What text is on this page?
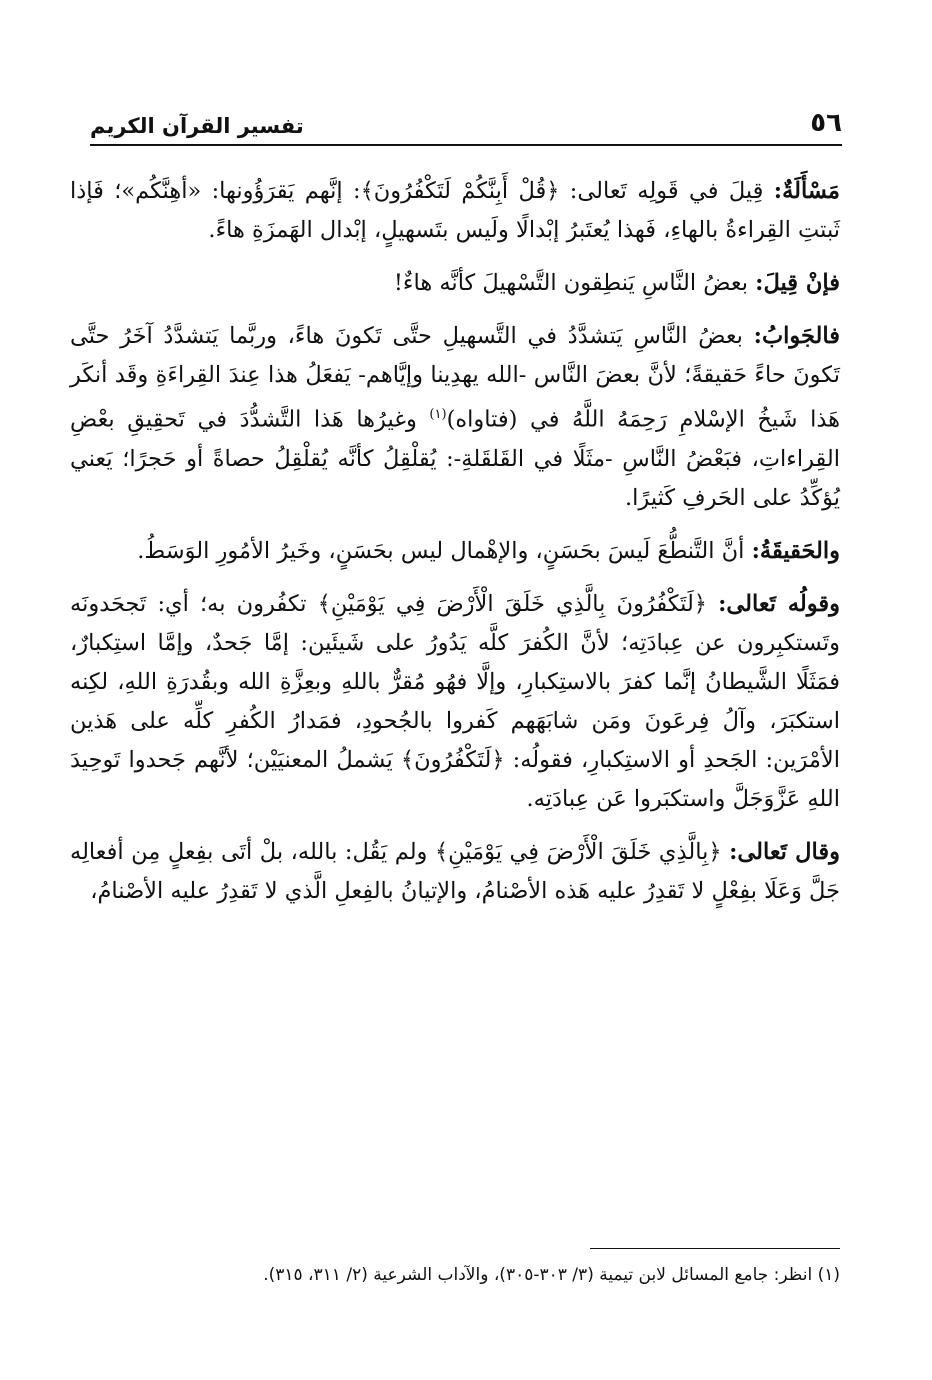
٥٦
تفسير القرآن الكريم

مَسْأَلَةٌ: قِيلَ في قَولِه تَعالى: ﴿قُلْ أَبِنَّكُمْ لَتَكْفُرُونَ﴾: إنَّهم يَقرَؤُونها: «أهِنَّكُم»؛ فَإذا ثَبتتِ القِراءةُ بالهاءِ، فَهذا يُعتَبرُ إبْدالًا ولَيس بتَسهيلٍ، إبْدال الهَمزَةِ هاءً.

فإنْ قِيلَ: بعضُ النَّاسِ يَنطِقون التَّسْهيلَ كأنَّه هاءٌ!

فالجَوابُ: بعضُ النَّاسِ يَتشدَّدُ في التَّسهيلِ حتَّى تَكونَ هاءً، وربَّما يَتشدَّدُ آخَرُ حتَّى تَكونَ حاءً حَقيقةً؛ لأنَّ بعضَ النَّاس -الله يهدِينا وإيَّاهم- يَفعَلُ هذا عِندَ القِراءَةِ وقَد أنكَر هَذا شَيخُ الإسْلامِ رَحِمَهُ اللَّهُ في (فتاواه)$^{(١)}$ وغيرُها هَذا التَّشدُّدَ في تَحقِيقِ بعْضِ القِراءاتِ، فبَعْضُ النَّاسِ -مثَلًا في القَلقَلةِ-: يُقلْقِلُ كأنَّه يُقلْقِلُ حصاةً أو حَجرًا؛ يَعني يُؤكِّدُ على الحَرفِ كَثيرًا.

والحَقيقَةُ: أنَّ التَّنطُّعَ لَيسَ بحَسَنٍ، والإهْمال ليس بحَسَنٍ، وخَيرُ الأمُورِ الوَسَطُ.

وقولُه تَعالى: ﴿لَتَكْفُرُونَ بِالَّذِي خَلَقَ الْأَرْضَ فِي يَوْمَيْنِ﴾ تكفُرون به؛ أي: تَجحَدونَه وتَستكبِرون عن عِبادَتِه؛ لأنَّ الكُفرَ كلَّه يَدُورُ على شَيئَين: إمَّا جَحدٌ، وإمَّا استِكبارٌ، فمَثَلًا الشَّيطانُ إنَّما كفرَ بالاستِكبارِ، وإلَّا فهُو مُقرٌّ باللهِ وبعِزَّةِ الله وبقُدرَةِ اللهِ، لكِنه استكبَرَ، وآلُ فِرعَونَ ومَن شابَهَهم كَفروا بالجُحودِ، فمَدارُ الكُفرِ كلِّه على هَذين الأمْرَين: الجَحدِ أو الاستِكبارِ، فقولُه: ﴿لَتَكْفُرُونَ﴾ يَشملُ المعنيَيْن؛ لأنَّهم جَحدوا تَوحِيدَ اللهِ عَزَّوَجَلَّ واستكبَروا عَن عِبادَتِه.

وقال تَعالى: ﴿بِالَّذِي خَلَقَ الْأَرْضَ فِي يَوْمَيْنِ﴾ ولم يَقُل: بالله، بلْ أتَى بفِعلٍ مِن أفعالِه جَلَّ وَعَلَا بفِعْلٍ لا تَقدِرُ عليه هَذه الأصْنامُ، والإتيانُ بالفِعلِ الَّذي لا تَقدِرُ عليه الأصْنامُ،

(١) انظر: جامع المسائل لابن تيمية (٣/ ٣٠٣-٣٠٥)، والآداب الشرعية (٢/ ٣١١، ٣١٥).
